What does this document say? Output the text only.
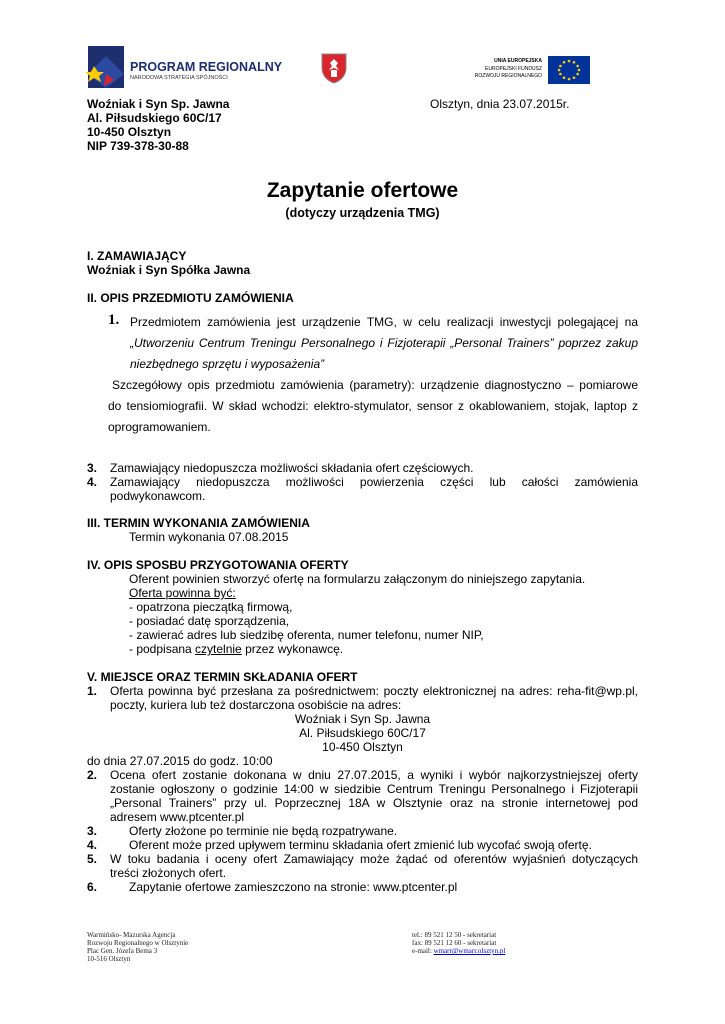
PROGRAM REGIONALNY
NARODOWA STRATEGIA SPÓJNOŚCI
UNIA EUROPEJSKA
EUROPEJSKI FUNDUSZ
ROZWOJU REGIONALNEGO
Woźniak i Syn Sp. Jawna
Al. Piłsudskiego 60C/17
10-450 Olsztyn
NIP 739-378-30-88
Olsztyn, dnia 23.07.2015r.
Zapytanie ofertowe
(dotyczy urządzenia TMG)
I. ZAMAWIAJĄCY
Woźniak i Syn Spółka Jawna
II. OPIS PRZEDMIOTU ZAMÓWIENIA
1. Przedmiotem zamówienia jest urządzenie TMG, w celu realizacji inwestycji polegającej na
„Utworzeniu Centrum Treningu Personalnego i Fizjoterapii „Personal Trainers” poprzez zakup
niezbędnego sprzętu i wyposażenia”
Szczegółowy opis przedmiotu zamówienia (parametry): urządzenie diagnostyczno – pomiarowe
do tensiomiografii. W skład wchodzi: elektro-stymulator, sensor z okablowaniem, stojak, laptop z
oprogramowaniem.
3. Zamawiający niedopuszcza możliwości składania ofert częściowych.
4. Zamawiający niedopuszcza możliwości powierzenia części lub całości zamówienia
podwykonawcom.
III. TERMIN WYKONANIA ZAMÓWIENIA
Termin wykonania 07.08.2015
IV. OPIS SPOSBU PRZYGOTOWANIA OFERTY
Oferent powinien stworzyć ofertę na formularzu załączonym do niniejszego zapytania.
Oferta powinna być:
- opatrzona pieczątką firmową,
- posiadać datę sporządzenia,
- zawierać adres lub siedzibę oferenta, numer telefonu, numer NIP,
- podpisana czytelnie przez wykonawcę.
V. MIEJSCE ORAZ TERMIN SKŁADANIA OFERT
1. Oferta powinna być przesłana za pośrednictwem: poczty elektronicznej na adres: reha-fit@wp.pl,
poczty, kuriera lub też dostarczona osobiście na adres:
Woźniak i Syn Sp. Jawna
Al. Piłsudskiego 60C/17
10-450 Olsztyn
do dnia 27.07.2015 do godz. 10:00
2. Ocena ofert zostanie dokonana w dniu 27.07.2015, a wyniki i wybór najkorzystniejszej oferty
zostanie ogłoszony o godzinie 14:00 w siedzibie Centrum Treningu Personalnego i Fizjoterapii
„Personal Trainers” przy ul. Poprzecznej 18A w Olsztynie oraz na stronie internetowej pod
adresem www.ptcenter.pl
3.	Oferty złożone po terminie nie będą rozpatrywane.
4.	Oferent może przed upływem terminu składania ofert zmienić lub wycofać swoją ofertę.
5. W toku badania i oceny ofert Zamawiający może żądać od oferentów wyjaśnień dotyczących
treści złożonych ofert.
6.	Zapytanie ofertowe zamieszczono na stronie: www.ptcenter.pl
Warmińsko- Mazurska Agencja
Rozwoju Regionalnego w Olsztynie
Plac Gen. Józefa Bema 3
10-516 Olsztyn
tel.: 89 521 12 50 - sekretariat
fax: 89 521 12 60 - sekretariat
e-mail: wmarr@wmarr.olsztyn.pl
